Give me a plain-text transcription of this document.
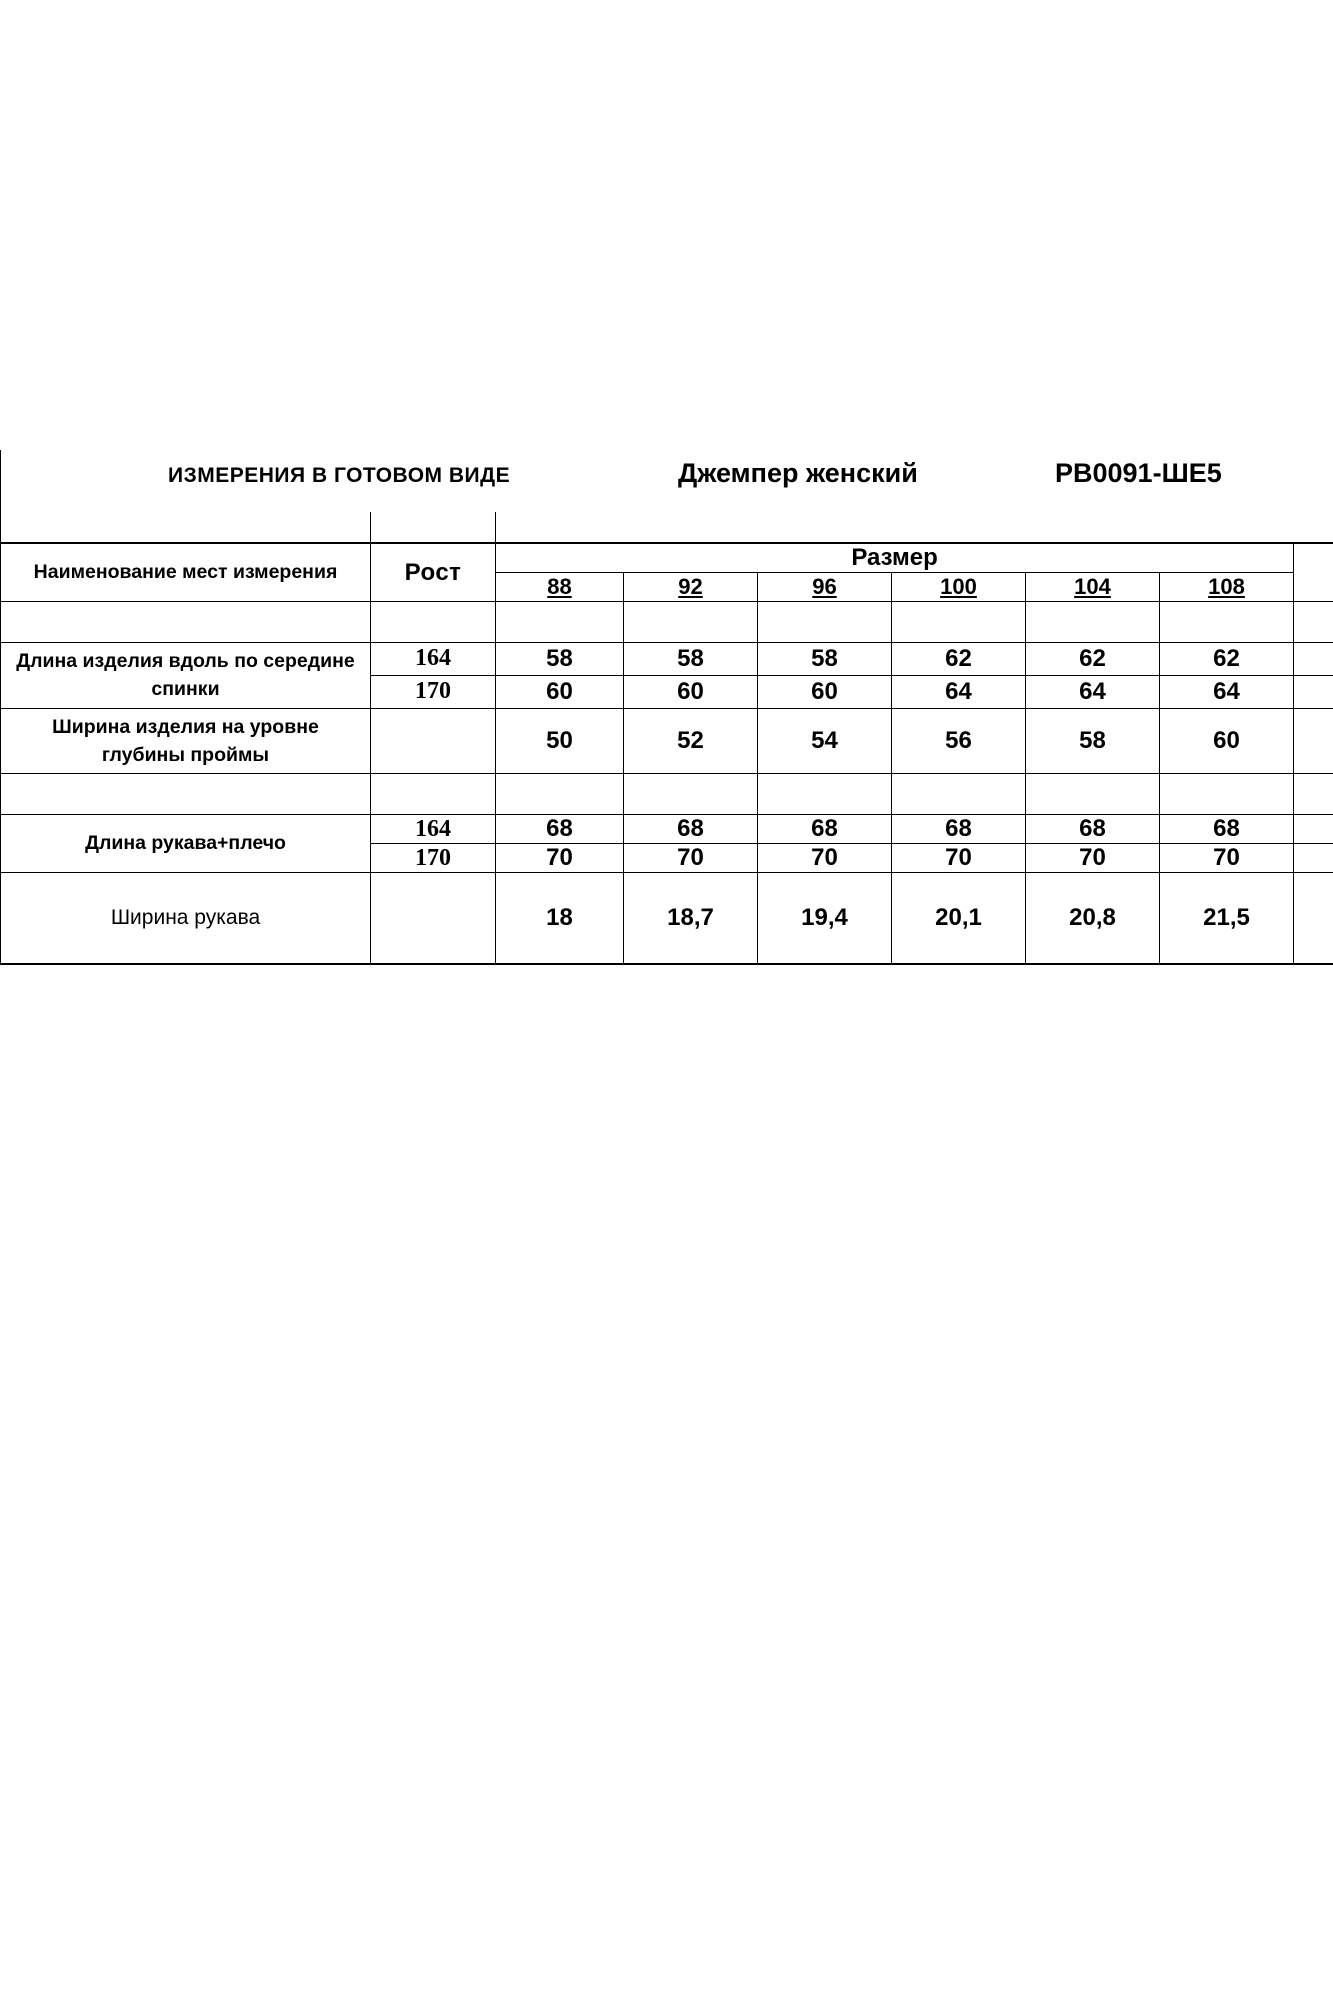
ИЗМЕРЕНИЯ В ГОТОВОМ ВИДЕ	Джемпер женский	PB0091-ШЕ5
Наименование мест измерения	Рост	Размер						
		88	92	96	100	104	108	

Длина изделия вдоль по середине спинки	164	58	58	58	62	62	62	
	170	60	60	60	64	64	64	
Ширина изделия на уровне глубины проймы		50	52	54	56	58	60	

Длина рукава+плечо	164	68	68	68	68	68	68	
	170	70	70	70	70	70	70	
Ширина рукава		18	18,7	19,4	20,1	20,8	21,5	
